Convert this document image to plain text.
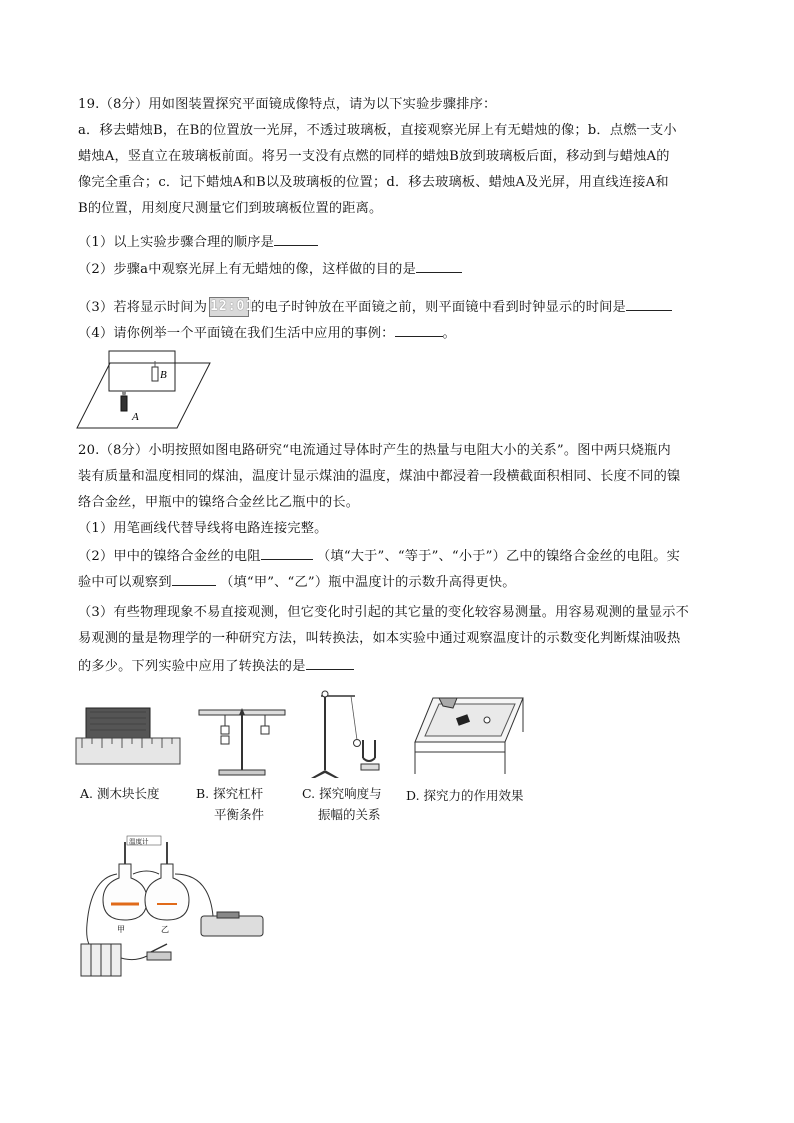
19.（8分）用如图装置探究平面镜成像特点，请为以下实验步骤排序：
a．移去蜡烛B，在B的位置放一光屏，不透过玻璃板，直接观察光屏上有无蜡烛的像；b．点燃一支小
蜡烛A，竖直立在玻璃板前面。将另一支没有点燃的同样的蜡烛B放到玻璃板后面，移动到与蜡烛A的
像完全重合；c．记下蜡烛A和B以及玻璃板的位置；d．移去玻璃板、蜡烛A及光屏，用直线连接A和
B的位置，用刻度尺测量它们到玻璃板位置的距离。
（1）以上实验步骤合理的顺序是
（2）步骤a中观察光屏上有无蜡烛的像，这样做的目的是
（3）若将显示时间为 12:01
的电子时钟放在平面镜之前，则平面镜中看到时钟显示的时间是
（4）请你例举一个平面镜在我们生活中应用的事例：	。
B
A
20.（8分）小明按照如图电路研究“电流通过导体时产生的热量与电阻大小的关系”。图中两只烧瓶内
装有质量和温度相同的煤油，温度计显示煤油的温度，煤油中都浸着一段横截面积相同、长度不同的镍
络合金丝，甲瓶中的镍络合金丝比乙瓶中的长。
（1）用笔画线代替导线将电路连接完整。
（2）甲中的镍络合金丝的电阻	（填“大于”、“等于”、“小于”）乙中的镍络合金丝的电阻。实
验中可以观察到	（填“甲”、“乙”）瓶中温度计的示数升高得更快。
（3）有些物理现象不易直接观测，但它变化时引起的其它量的变化较容易测量。用容易观测的量显示不
易观测的量是物理学的一种研究方法，叫转换法，如本实验中通过观察温度计的示数变化判断煤油吸热
的多少。下列实验中应用了转换法的是
A. 测木块长度	B. 探究杠杆
平衡条件
C. 探究响度与
振幅的关系
D. 探究力的作用效果
温度计
甲	乙
